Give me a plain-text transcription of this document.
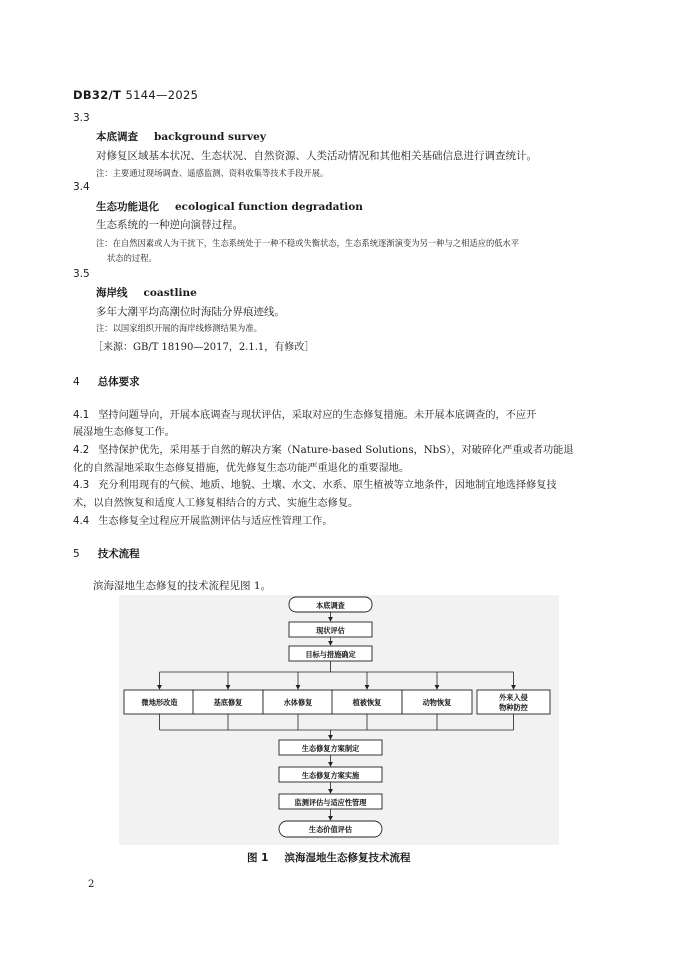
DB32/T 5144—2025
3.3
本底调查 background survey
对修复区域基本状况、生态状况、自然资源、人类活动情况和其他相关基础信息进行调查统计。
注：主要通过现场调查、遥感监测、资料收集等技术手段开展。
3.4
生态功能退化 ecological function degradation
生态系统的一种逆向演替过程。
注：在自然因素或人为干扰下，生态系统处于一种不稳或失衡状态，生态系统逐渐演变为另一种与之相适应的低水平
状态的过程。
3.5
海岸线 coastline
多年大潮平均高潮位时海陆分界痕迹线。
注：以国家组织开展的海岸线修测结果为准。
［来源：GB/T 18190—2017，2.1.1，有修改］
4 总体要求
4.1 坚持问题导向，开展本底调查与现状评估，采取对应的生态修复措施。未开展本底调查的，不应开
展湿地生态修复工作。
4.2 坚持保护优先，采用基于自然的解决方案（Nature-based Solutions，NbS），对破碎化严重或者功能退
化的自然湿地采取生态修复措施，优先修复生态功能严重退化的重要湿地。
4.3 充分利用现有的气候、地质、地貌、土壤、水文、水系、原生植被等立地条件，因地制宜地选择修复技
术，以自然恢复和适度人工修复相结合的方式、实施生态修复。
4.4 生态修复全过程应开展监测评估与适应性管理工作。
5 技术流程
滨海湿地生态修复的技术流程见图 1。
本底调查
现状评估
目标与措施确定
微地形改造	基底修复	水体修复	植被恢复	动物恢复
外来入侵
物种防控
生态修复方案制定
生态修复方案实施
监测评估与适应性管理
生态价值评估
图 1 滨海湿地生态修复技术流程
2
